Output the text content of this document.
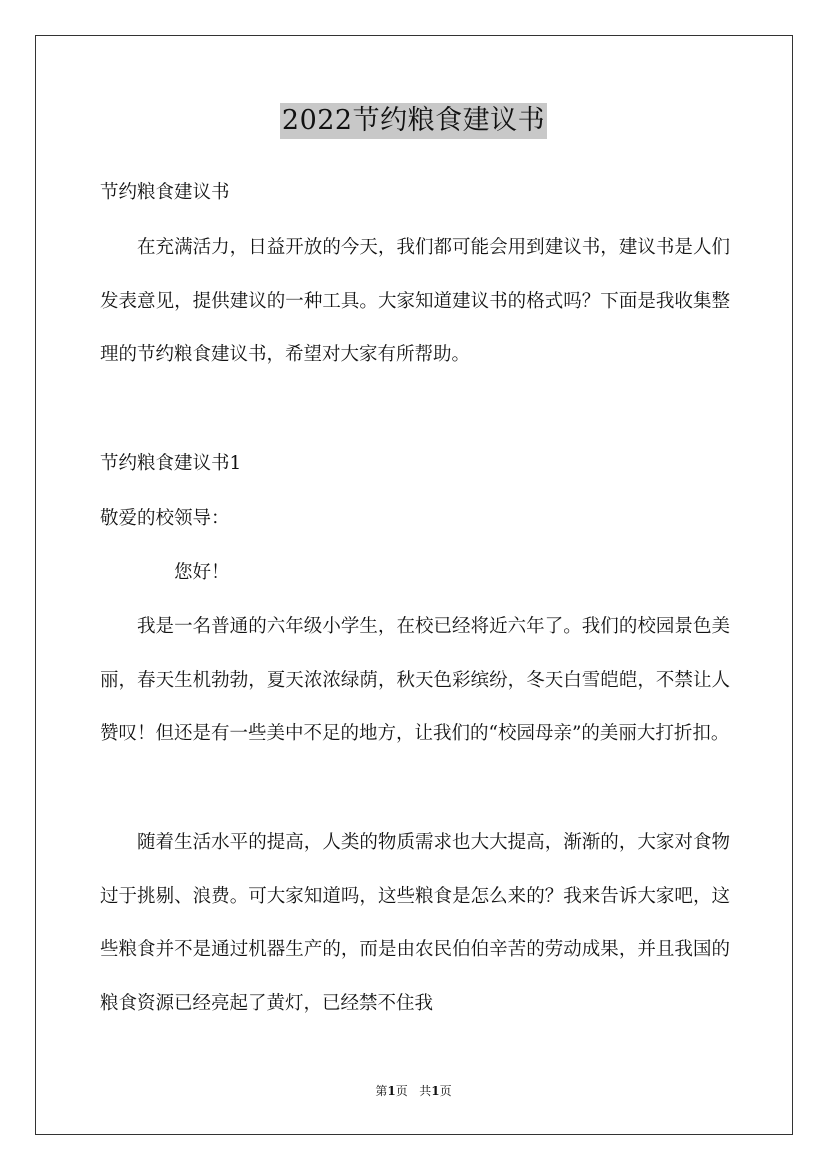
2022节约粮食建议书
节约粮食建议书
在充满活力，日益开放的今天，我们都可能会用到建议书，建议书是人们发表意见，提供建议的一种工具。大家知道建议书的格式吗？下面是我收集整理的节约粮食建议书，希望对大家有所帮助。
节约粮食建议书1
敬爱的校领导：
您好！
我是一名普通的六年级小学生，在校已经将近六年了。我们的校园景色美丽，春天生机勃勃，夏天浓浓绿荫，秋天色彩缤纷，冬天白雪皑皑，不禁让人赞叹！但还是有一些美中不足的地方，让我们的“校园母亲”的美丽大打折扣。
随着生活水平的提高，人类的物质需求也大大提高，渐渐的，大家对食物过于挑剔、浪费。可大家知道吗，这些粮食是怎么来的？我来告诉大家吧，这些粮食并不是通过机器生产的，而是由农民伯伯辛苦的劳动成果，并且我国的粮食资源已经亮起了黄灯，已经禁不住我
第1页 共1页
